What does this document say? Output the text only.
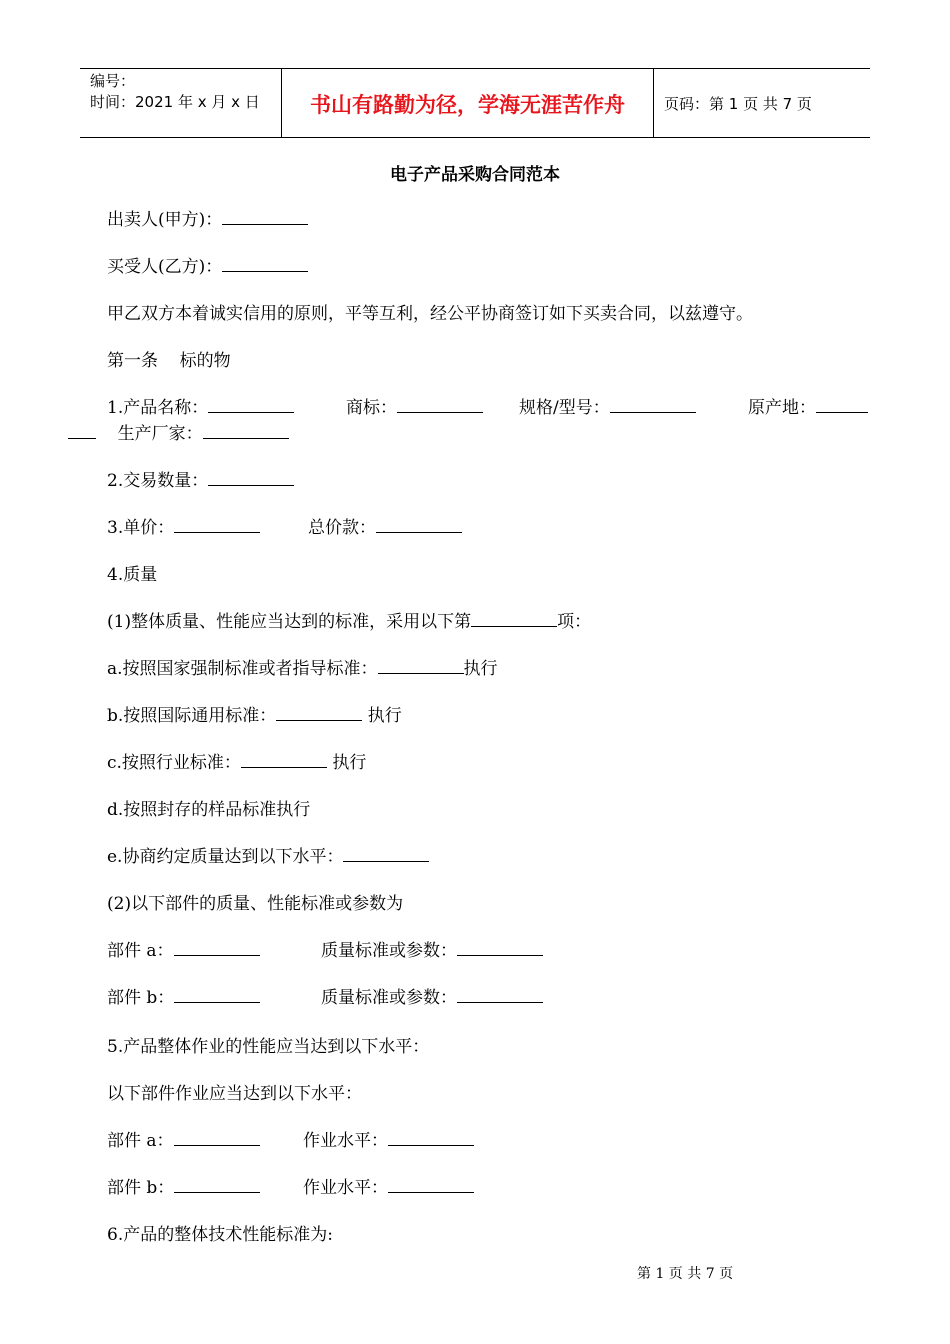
编号：
时间：2021 年 x 月 x 日	书山有路勤为径，学海无涯苦作舟	页码：第 1 页 共 7 页
电子产品采购合同范本
出卖人(甲方)：
买受人(乙方)：
甲乙双方本着诚实信用的原则，平等互利，经公平协商签订如下买卖合同，以兹遵守。
第一条    标的物
1.产品名称：	商标：	规格/型号：	原产地：
生产厂家：
2.交易数量：
3.单价：	总价款：
4.质量
(1)整体质量、性能应当达到的标准，采用以下第	项：
a.按照国家强制标准或者指导标准：	执行
b.按照国际通用标准：	执行
c.按照行业标准：	执行
d.按照封存的样品标准执行
e.协商约定质量达到以下水平：
(2)以下部件的质量、性能标准或参数为
部件 a：	质量标准或参数：
部件 b：	质量标准或参数：
5.产品整体作业的性能应当达到以下水平：
以下部件作业应当达到以下水平：
部件 a：	作业水平：
部件 b：	作业水平：
6.产品的整体技术性能标准为:
第 1 页 共 7 页
